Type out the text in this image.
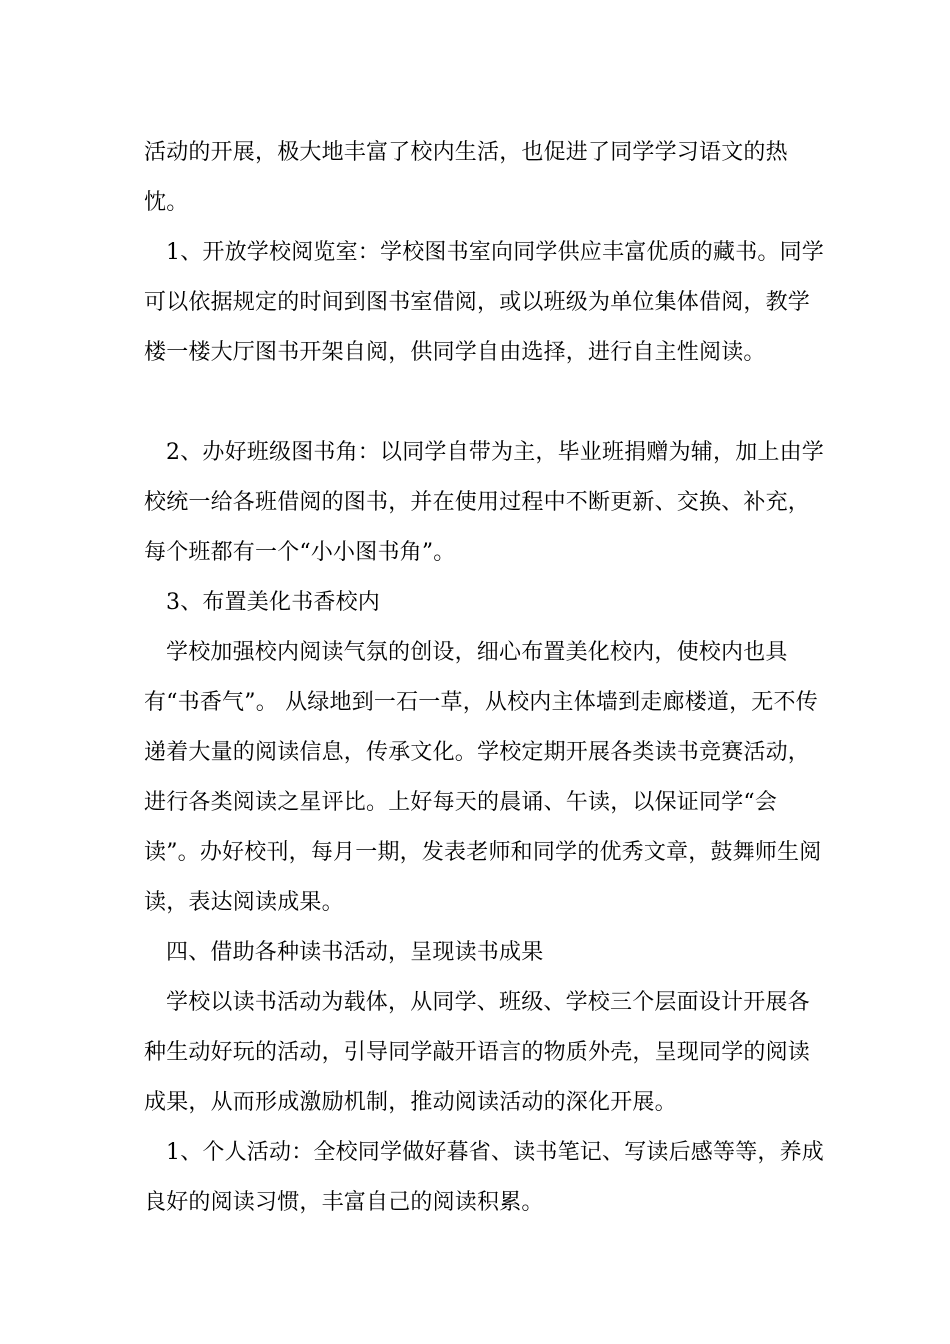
活动的开展，极大地丰富了校内生活，也促进了同学学习语文的热忱。

1、开放学校阅览室：学校图书室向同学供应丰富优质的藏书。同学可以依据规定的时间到图书室借阅，或以班级为单位集体借阅，教学楼一楼大厅图书开架自阅，供同学自由选择，进行自主性阅读。

2、办好班级图书角：以同学自带为主，毕业班捐赠为辅，加上由学校统一给各班借阅的图书，并在使用过程中不断更新、交换、补充，每个班都有一个“小小图书角”。

3、布置美化书香校内

学校加强校内阅读气氛的创设，细心布置美化校内，使校内也具有“书香气”。 从绿地到一石一草，从校内主体墙到走廊楼道，无不传递着大量的阅读信息，传承文化。学校定期开展各类读书竞赛活动，进行各类阅读之星评比。上好每天的晨诵、午读，以保证同学“会读”。办好校刊，每月一期，发表老师和同学的优秀文章，鼓舞师生阅读，表达阅读成果。

四、借助各种读书活动，呈现读书成果

学校以读书活动为载体，从同学、班级、学校三个层面设计开展各种生动好玩的活动，引导同学敲开语言的物质外壳，呈现同学的阅读成果，从而形成激励机制，推动阅读活动的深化开展。

1、个人活动：全校同学做好暮省、读书笔记、写读后感等等，养成良好的阅读习惯，丰富自己的阅读积累。
